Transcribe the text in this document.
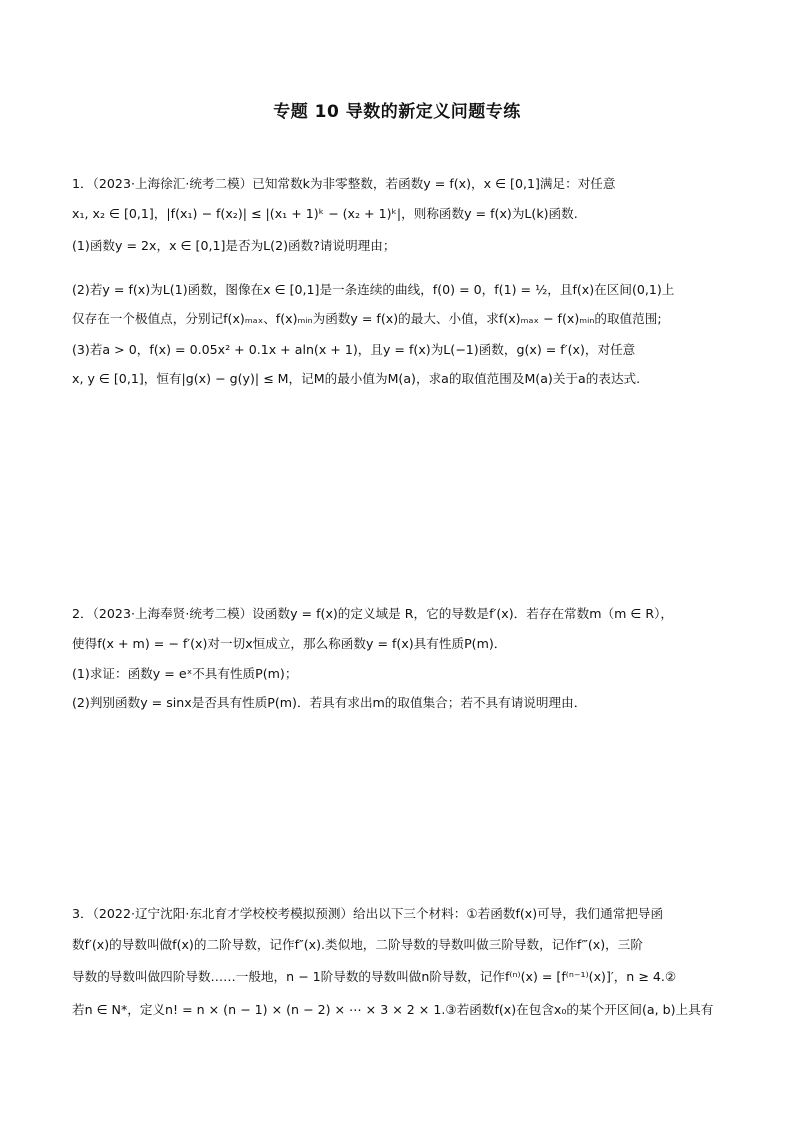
专题 10 导数的新定义问题专练
1．（2023·上海徐汇·统考二模）已知常数k为非零整数，若函数y = f(x)，x ∈ [0,1]满足：对任意
x₁, x₂ ∈ [0,1]，|f(x₁) − f(x₂)| ≤ |(x₁ + 1)ᵏ − (x₂ + 1)ᵏ|，则称函数y = f(x)为L(k)函数.
(1)函数y = 2x，x ∈ [0,1]是否为L(2)函数?请说明理由；
(2)若y = f(x)为L(1)函数，图像在x ∈ [0,1]是一条连续的曲线，f(0) = 0，f(1) = ½，且f(x)在区间(0,1)上
仅存在一个极值点，分别记f(x)ₘₐₓ、f(x)ₘᵢₙ为函数y = f(x)的最大、小值，求f(x)ₘₐₓ − f(x)ₘᵢₙ的取值范围;
(3)若a > 0，f(x) = 0.05x² + 0.1x + aln(x + 1)，且y = f(x)为L(−1)函数，g(x) = f′(x)，对任意
x, y ∈ [0,1]，恒有|g(x) − g(y)| ≤ M，记M的最小值为M(a)，求a的取值范围及M(a)关于a的表达式.
2．（2023·上海奉贤·统考二模）设函数y = f(x)的定义域是 R，它的导数是f′(x)．若存在常数m（m ∈ R），
使得f(x + m) = − f′(x)对一切x恒成立，那么称函数y = f(x)具有性质P(m)．
(1)求证：函数y = eˣ不具有性质P(m)；
(2)判别函数y = sinx是否具有性质P(m)．若具有求出m的取值集合；若不具有请说明理由．
3．（2022·辽宁沈阳·东北育才学校校考模拟预测）给出以下三个材料：①若函数f(x)可导，我们通常把导函
数f′(x)的导数叫做f(x)的二阶导数，记作f″(x).类似地，二阶导数的导数叫做三阶导数，记作f‴(x)，三阶
导数的导数叫做四阶导数……一般地，n − 1阶导数的导数叫做n阶导数，记作f⁽ⁿ⁾(x) = [f⁽ⁿ⁻¹⁾(x)]′，n ≥ 4.②
若n ∈ N*，定义n! = n × (n − 1) × (n − 2) × ⋯ × 3 × 2 × 1.③若函数f(x)在包含x₀的某个开区间(a, b)上具有
